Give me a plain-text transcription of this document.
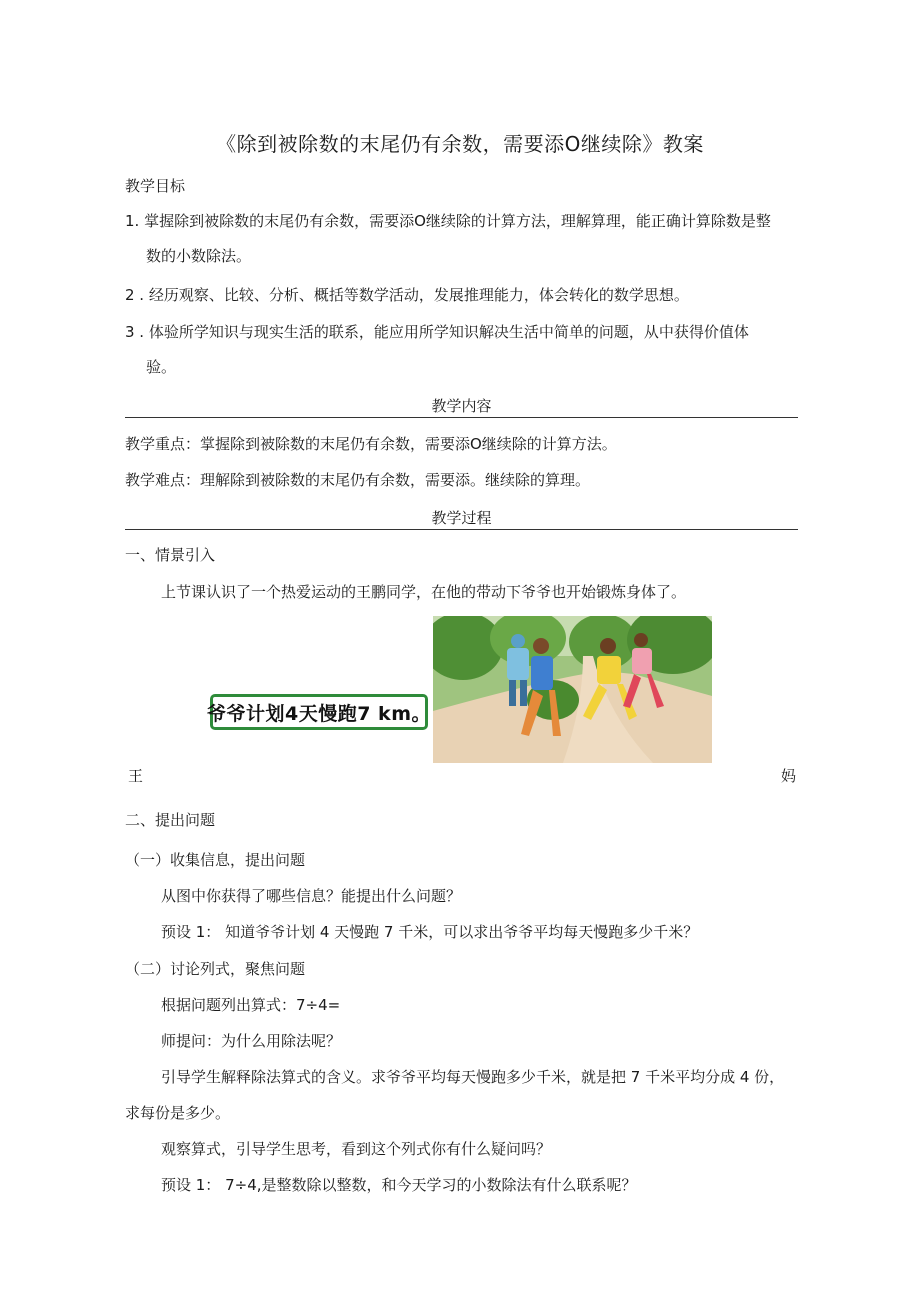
《除到被除数的末尾仍有余数，需要添O继续除》教案
教学目标
1. 掌握除到被除数的末尾仍有余数，需要添O继续除的计算方法，理解算理，能正确计算除数是整
数的小数除法。
2 . 经历观察、比较、分析、概括等数学活动，发展推理能力，体会转化的数学思想。
3 . 体验所学知识与现实生活的联系，能应用所学知识解决生活中简单的问题，从中获得价值体
验。
教学内容
教学重点：掌握除到被除数的末尾仍有余数，需要添O继续除的计算方法。
教学难点：理解除到被除数的末尾仍有余数，需要添。继续除的算理。
教学过程
一、情景引入
上节课认识了一个热爱运动的王鹏同学，在他的带动下爷爷也开始锻炼身体了。
爷爷计划4天慢跑7 km。
王	妈
二、提出问题
（一）收集信息，提出问题
从图中你获得了哪些信息？能提出什么问题？
预设 1： 知道爷爷计划 4 天慢跑 7 千米，可以求出爷爷平均每天慢跑多少千米？
（二）讨论列式，聚焦问题
根据问题列出算式：7÷4=
师提问：为什么用除法呢？
引导学生解释除法算式的含义。求爷爷平均每天慢跑多少千米，就是把 7 千米平均分成 4 份，
求每份是多少。
观察算式，引导学生思考，看到这个列式你有什么疑问吗？
预设 1： 7÷4,是整数除以整数，和今天学习的小数除法有什么联系呢？
